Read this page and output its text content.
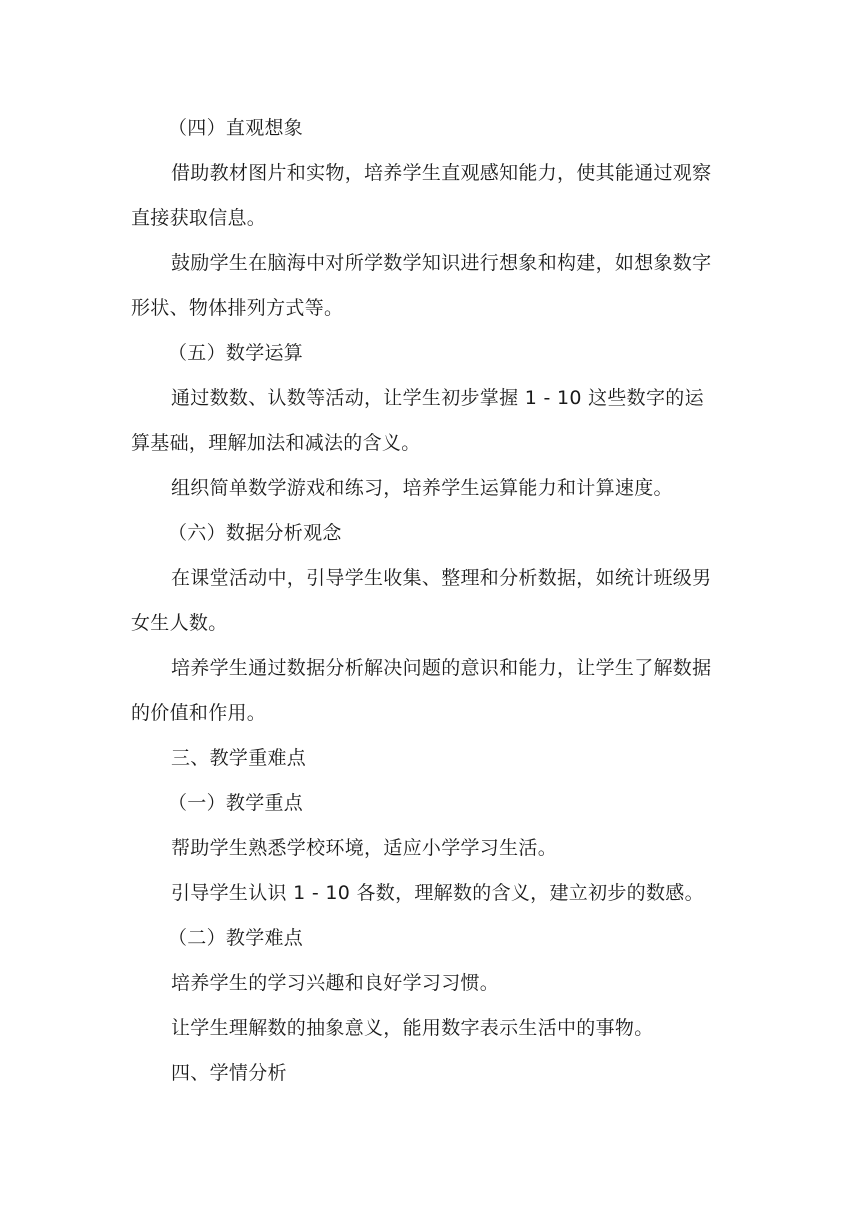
（四）直观想象
借助教材图片和实物，培养学生直观感知能力，使其能通过观察
直接获取信息。
鼓励学生在脑海中对所学数学知识进行想象和构建，如想象数字
形状、物体排列方式等。
（五）数学运算
通过数数、认数等活动，让学生初步掌握 1 - 10 这些数字的运
算基础，理解加法和减法的含义。
组织简单数学游戏和练习，培养学生运算能力和计算速度。
（六）数据分析观念
在课堂活动中，引导学生收集、整理和分析数据，如统计班级男
女生人数。
培养学生通过数据分析解决问题的意识和能力，让学生了解数据
的价值和作用。
三、教学重难点
（一）教学重点
帮助学生熟悉学校环境，适应小学学习生活。
引导学生认识 1 - 10 各数，理解数的含义，建立初步的数感。
（二）教学难点
培养学生的学习兴趣和良好学习习惯。
让学生理解数的抽象意义，能用数字表示生活中的事物。
四、学情分析
